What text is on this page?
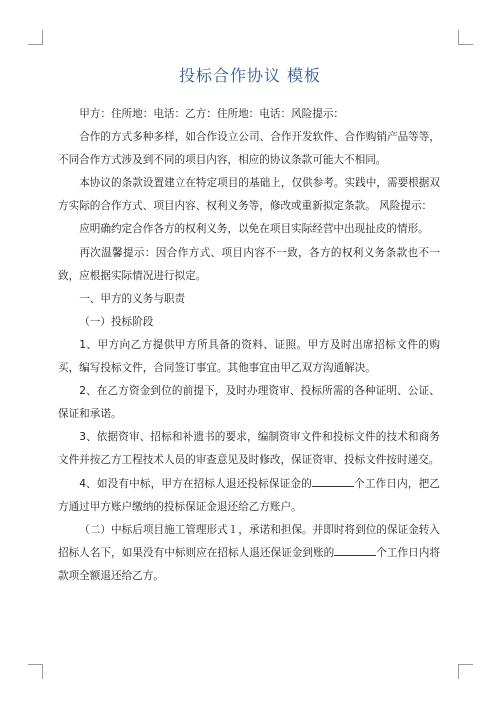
投标合作协议 模板

甲方：住所地：电话：乙方：住所地：电话：风险提示：

合作的方式多种多样，如合作设立公司、合作开发软件、合作购销产品等等，不同合作方式涉及到不同的项目内容，相应的协议条款可能大不相同。

本协议的条款设置建立在特定项目的基础上，仅供参考。实践中，需要根据双方实际的合作方式、项目内容、权利义务等，修改或重新拟定条款。 风险提示：

应明确约定合作各方的权利义务，以免在项目实际经营中出现扯皮的情形。

再次温馨提示：因合作方式、项目内容不一致，各方的权利义务条款也不一致，应根据实际情况进行拟定。

一、甲方的义务与职责

（一）投标阶段

1、甲方向乙方提供甲方所具备的资料、证照。甲方及时出席招标文件的购买，编写投标文件，合同签订事宜。其他事宜由甲乙双方沟通解决。

2、在乙方资金到位的前提下，及时办理资审、投标所需的各种证明、公证、保证和承诺。

3、依据资审、招标和补遗书的要求，编制资审文件和投标文件的技术和商务文件并按乙方工程技术人员的审查意见及时修改，保证资审、投标文件按时递交。

4、如没有中标，甲方在招标人退还投标保证金的	个工作日内，把乙方通过甲方账户缴纳的投标保证金退还给乙方账户。

（二）中标后项目施工管理形式１，承诺和担保。并即时将到位的保证金转入招标人名下，如果没有中标则应在招标人退还保证金到账的	个工作日内将款项全额退还给乙方。
